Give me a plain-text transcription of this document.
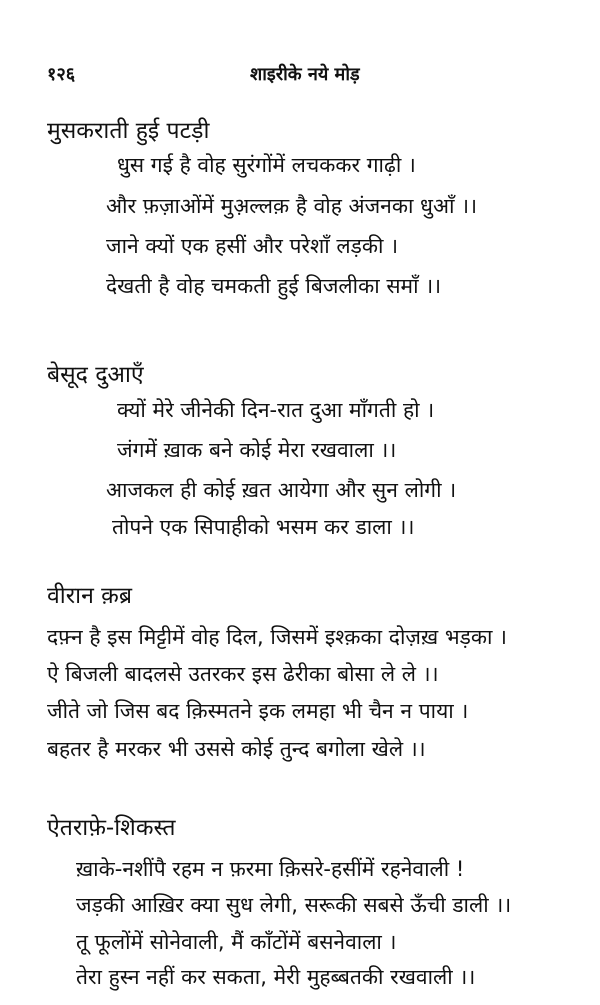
१२६	शाइरीके नये मोड़
मुसकराती हुई पटड़ी
धुस गई है वोह सुरंगोंमें लचककर गाढ़ी ।
और फ़ज़ाओंमें मुअ़ल्लक़ है वोह अंजनका धुआँ ।।
जाने क्यों एक हसीं और परेशाँ लड़की ।
देखती है वोह चमकती हुई बिजलीका समाँ ।।
बेसूद दुआएँ
क्यों मेरे जीनेकी दिन-रात दुआ माँगती हो ।
जंगमें ख़ाक बने कोई मेरा रखवाला ।।
आजकल ही कोई ख़त आयेगा और सुन लोगी ।
तोपने एक सिपाहीको भसम कर डाला ।।
वीरान क़ब्र
दफ़्न है इस मिट्टीमें वोह दिल, जिसमें इश्क़का दोज़ख़ भड़का ।
ऐ बिजली बादलसे उतरकर इस ढेरीका बोसा ले ले ।।
जीते जो जिस बद क़िस्मतने इक लमहा भी चैन न पाया ।
बहतर है मरकर भी उससे कोई तुन्द बगोला खेले ।।
ऐतराफ़े-शिकस्त
ख़ाके-नशींपै रहम न फ़रमा क़िसरे-हसींमें रहनेवाली !
जड़की आख़िर क्या सुध लेगी, सरूकी सबसे ऊँची डाली ।।
तू फूलोंमें सोनेवाली, मैं काँटोंमें बसनेवाला ।
तेरा हुस्न नहीं कर सकता, मेरी मुहब्बतकी रखवाली ।।
